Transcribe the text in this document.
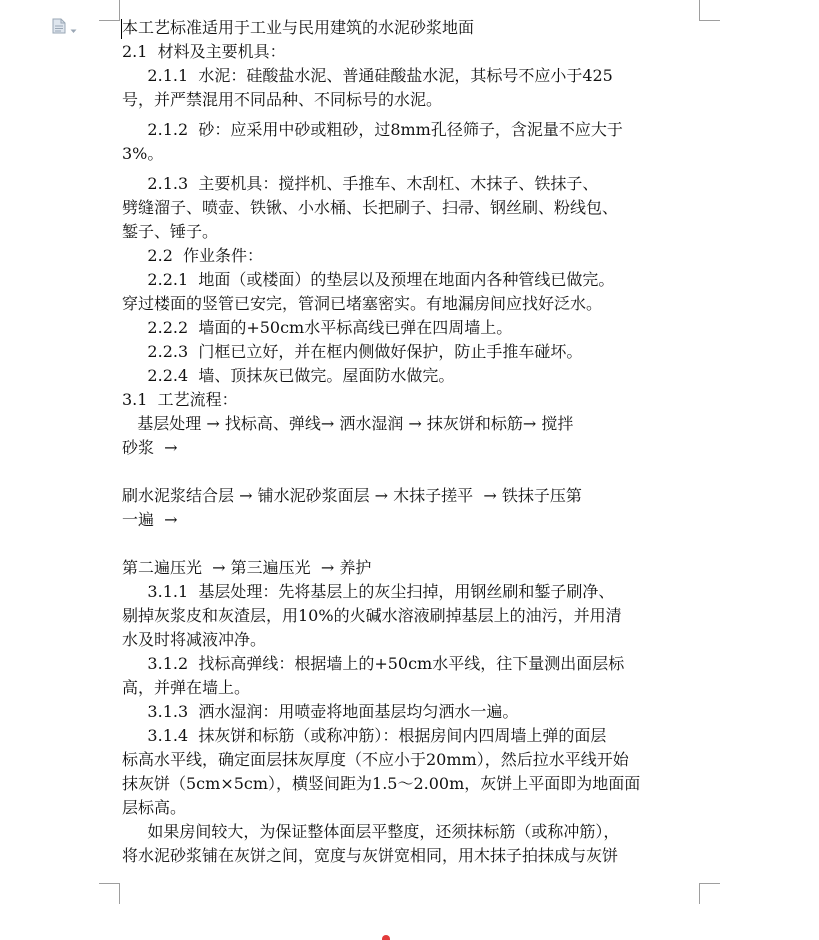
本工艺标准适用于工业与民用建筑的水泥砂浆地面
2.1  材料及主要机具：
2.1.1  水泥：硅酸盐水泥、普通硅酸盐水泥，其标号不应小于425
号，并严禁混用不同品种、不同标号的水泥。
2.1.2  砂：应采用中砂或粗砂，过8mm孔径筛子，含泥量不应大于
3%。
2.1.3  主要机具：搅拌机、手推车、木刮杠、木抹子、铁抹子、
劈缝溜子、喷壶、铁锹、小水桶、长把刷子、扫帚、钢丝刷、粉线包、
錾子、锤子。
2.2  作业条件：
2.2.1  地面（或楼面）的垫层以及预埋在地面内各种管线已做完。
穿过楼面的竖管已安完，管洞已堵塞密实。有地漏房间应找好泛水。
2.2.2  墙面的+50cm水平标高线已弹在四周墙上。
2.2.3  门框已立好，并在框内侧做好保护，防止手推车碰坏。
2.2.4  墙、顶抹灰已做完。屋面防水做完。
3.1  工艺流程：
基层处理 → 找标高、弹线→ 洒水湿润 → 抹灰饼和标筋→ 搅拌
砂浆  →
刷水泥浆结合层 → 铺水泥砂浆面层 → 木抹子搓平  → 铁抹子压第
一遍  →
第二遍压光  → 第三遍压光  → 养护
3.1.1  基层处理：先将基层上的灰尘扫掉，用钢丝刷和錾子刷净、
剔掉灰浆皮和灰渣层，用10%的火碱水溶液刷掉基层上的油污，并用清
水及时将减液冲净。
3.1.2  找标高弹线：根据墙上的+50cm水平线，往下量测出面层标
高，并弹在墙上。
3.1.3  洒水湿润：用喷壶将地面基层均匀洒水一遍。
3.1.4  抹灰饼和标筋（或称冲筋）：根据房间内四周墙上弹的面层
标高水平线，确定面层抹灰厚度（不应小于20mm），然后拉水平线开始
抹灰饼（5cm×5cm），横竖间距为1.5～2.00m，灰饼上平面即为地面面
层标高。
如果房间较大，为保证整体面层平整度，还须抹标筋（或称冲筋），
将水泥砂浆铺在灰饼之间，宽度与灰饼宽相同，用木抹子拍抹成与灰饼
